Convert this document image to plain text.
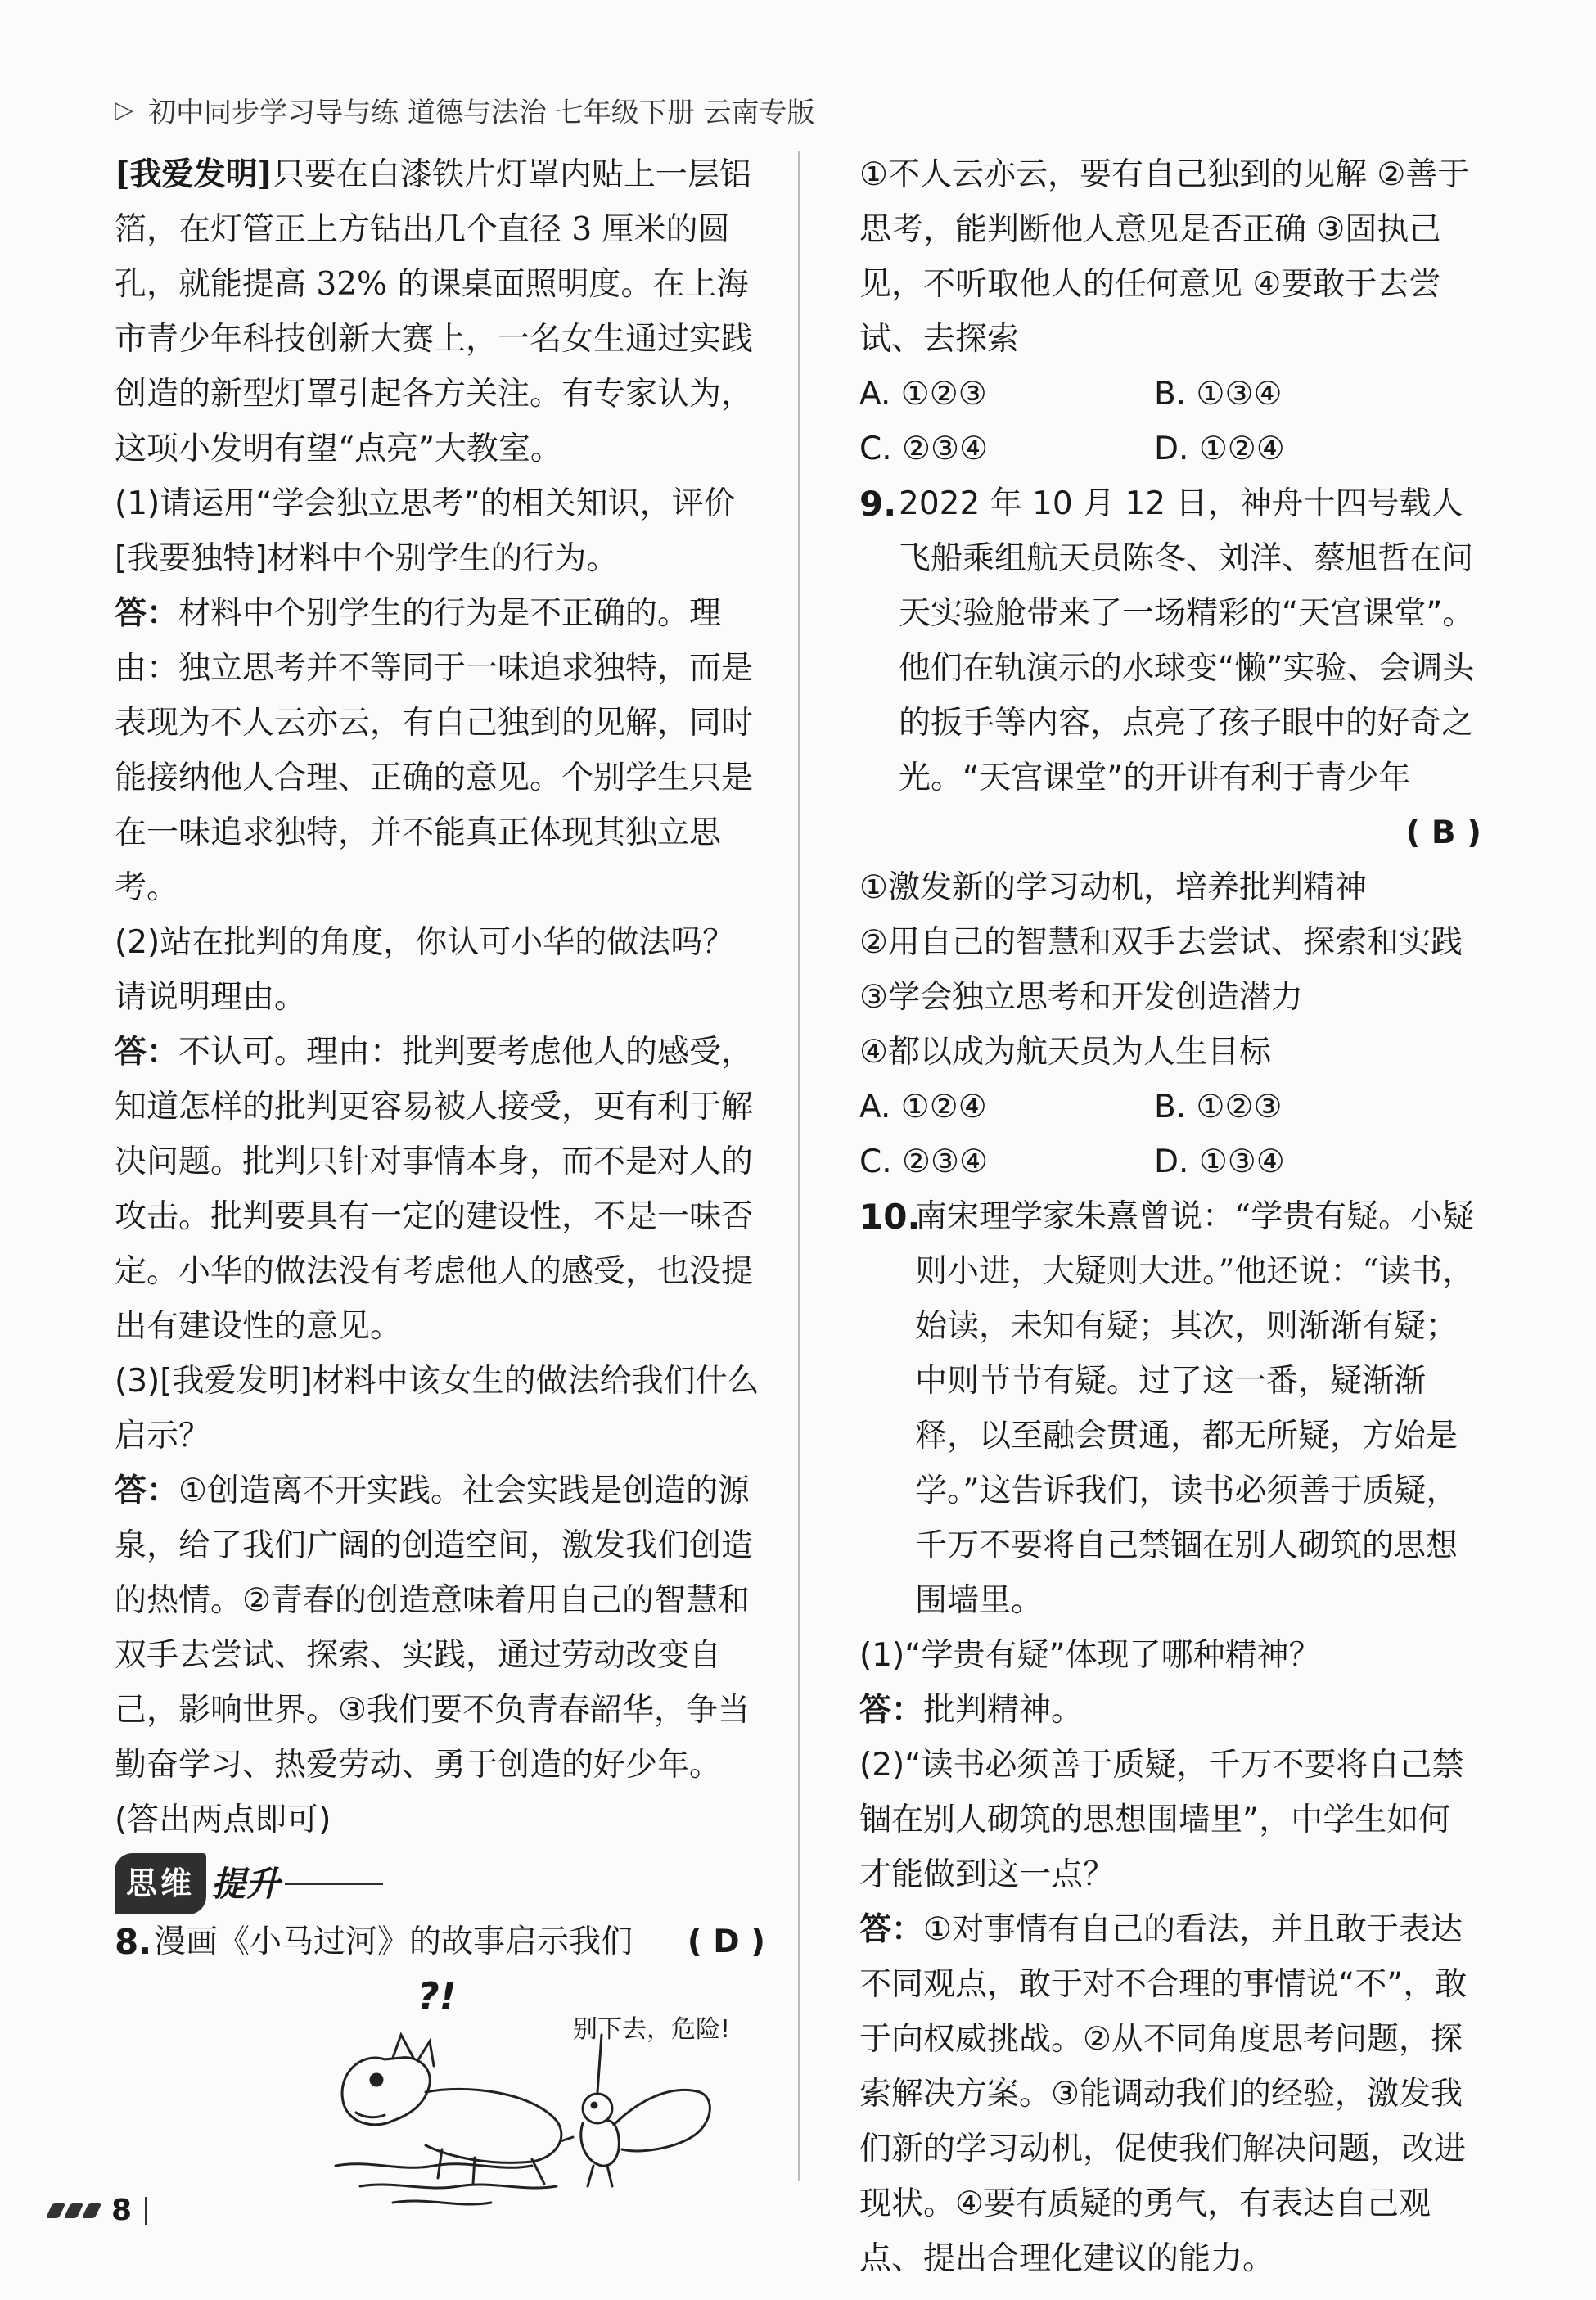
▷ 初中同步学习导与练 道德与法治 七年级下册 云南专版

[我爱发明]只要在白漆铁片灯罩内贴上一层铝箔，在灯管正上方钻出几个直径 3 厘米的圆孔，就能提高 32% 的课桌面照明度。在上海市青少年科技创新大赛上，一名女生通过实践创造的新型灯罩引起各方关注。有专家认为，这项小发明有望“点亮”大教室。

(1)请运用“学会独立思考”的相关知识，评价[我要独特]材料中个别学生的行为。

答：材料中个别学生的行为是不正确的。理由：独立思考并不等同于一味追求独特，而是表现为不人云亦云，有自己独到的见解，同时能接纳他人合理、正确的意见。个别学生只是在一味追求独特，并不能真正体现其独立思考。

(2)站在批判的角度，你认可小华的做法吗？请说明理由。

答：不认可。理由：批判要考虑他人的感受，知道怎样的批判更容易被人接受，更有利于解决问题。批判只针对事情本身，而不是对人的攻击。批判要具有一定的建设性，不是一味否定。小华的做法没有考虑他人的感受，也没提出有建设性的意见。

(3)[我爱发明]材料中该女生的做法给我们什么启示？

答：①创造离不开实践。社会实践是创造的源泉，给了我们广阔的创造空间，激发我们创造的热情。②青春的创造意味着用自己的智慧和双手去尝试、探索、实践，通过劳动改变自己，影响世界。③我们要不负青春韶华，争当勤奋学习、热爱劳动、勇于创造的好少年。(答出两点即可)

思维 提升
8. 漫画《小马过河》的故事启示我们 ( D )
?!
别下去，危险!

①不人云亦云，要有自己独到的见解 ②善于思考，能判断他人意见是否正确 ③固执己见，不听取他人的任何意见 ④要敢于去尝试、去探索

A. ①②③	B. ①③④
C. ②③④	D. ①②④
9. 2022 年 10 月 12 日，神舟十四号载人飞船乘组航天员陈冬、刘洋、蔡旭哲在问天实验舱带来了一场精彩的“天宫课堂”。他们在轨演示的水球变“懒”实验、会调头的扳手等内容，点亮了孩子眼中的好奇之光。“天宫课堂”的开讲有利于青少年
( B )

①激发新的学习动机，培养批判精神

②用自己的智慧和双手去尝试、探索和实践

③学会独立思考和开发创造潜力

④都以成为航天员为人生目标

A. ①②④	B. ①②③
C. ②③④	D. ①③④
10.
南宋理学家朱熹曾说：“学贵有疑。小疑则小进，大疑则大进。”他还说：“读书，始读，未知有疑；其次，则渐渐有疑；中则节节有疑。过了这一番，疑渐渐释，以至融会贯通，都无所疑，方始是学。”这告诉我们，读书必须善于质疑，千万不要将自己禁锢在别人砌筑的思想围墙里。

(1)“学贵有疑”体现了哪种精神？

答：批判精神。

(2)“读书必须善于质疑，千万不要将自己禁锢在别人砌筑的思想围墙里”，中学生如何才能做到这一点？

答：①对事情有自己的看法，并且敢于表达不同观点，敢于对不合理的事情说“不”，敢于向权威挑战。②从不同角度思考问题，探索解决方案。③能调动我们的经验，激发我们新的学习动机，促使我们解决问题，改进现状。④要有质疑的勇气，有表达自己观点、提出合理化建议的能力。

8
